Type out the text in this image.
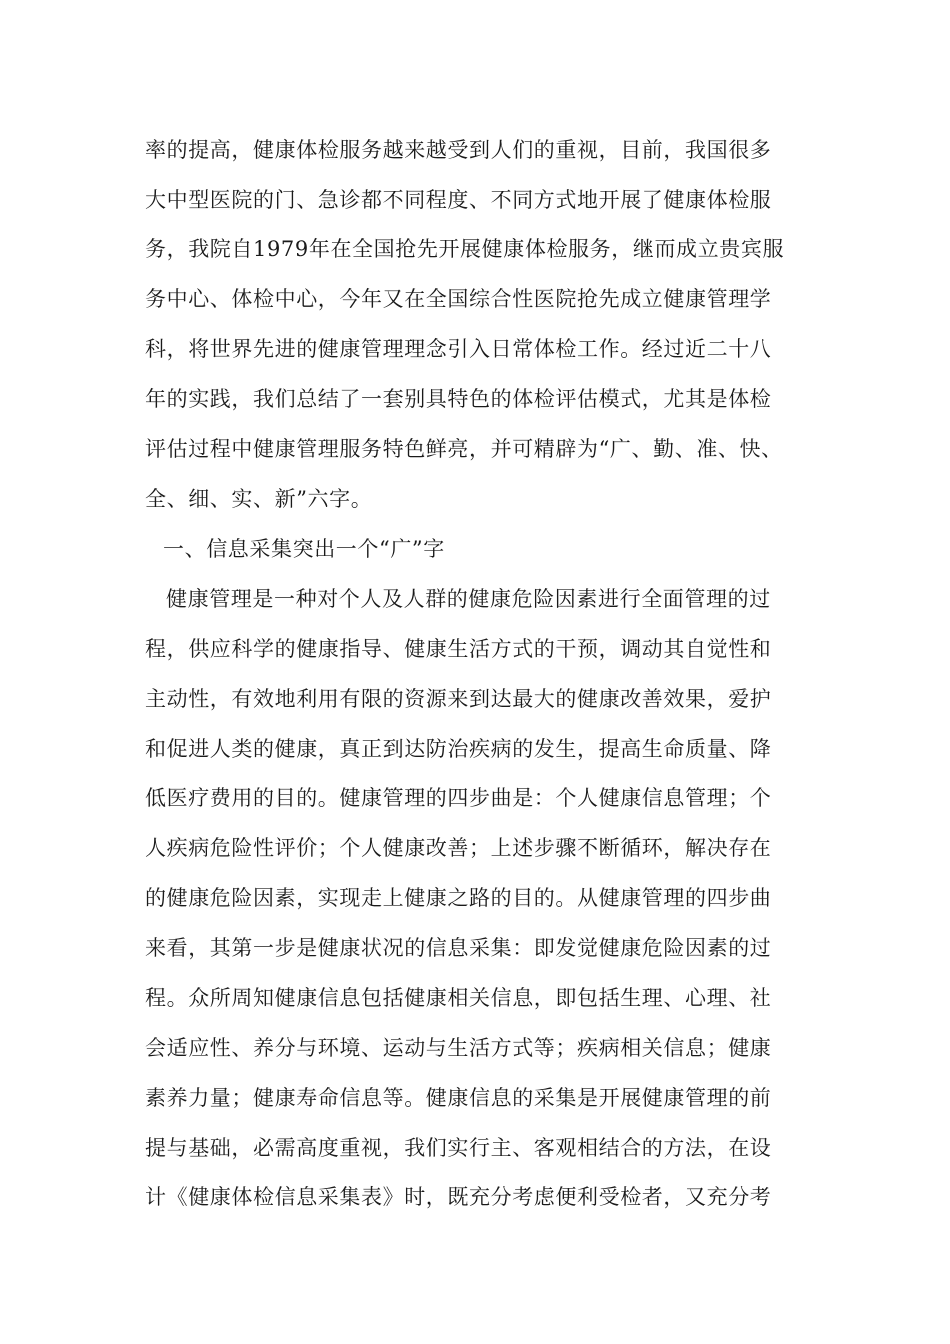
率的提高，健康体检服务越来越受到人们的重视，目前，我国很多
大中型医院的门、急诊都不同程度、不同方式地开展了健康体检服
务，我院自1979年在全国抢先开展健康体检服务，继而成立贵宾服
务中心、体检中心，今年又在全国综合性医院抢先成立健康管理学
科，将世界先进的健康管理理念引入日常体检工作。经过近二十八
年的实践，我们总结了一套别具特色的体检评估模式，尤其是体检
评估过程中健康管理服务特色鲜亮，并可精辟为“广、勤、准、快、
全、细、实、新”六字。
一、信息采集突出一个“广”字
健康管理是一种对个人及人群的健康危险因素进行全面管理的过
程，供应科学的健康指导、健康生活方式的干预，调动其自觉性和
主动性，有效地利用有限的资源来到达最大的健康改善效果，爱护
和促进人类的健康，真正到达防治疾病的发生，提高生命质量、降
低医疗费用的目的。健康管理的四步曲是：个人健康信息管理；个
人疾病危险性评价；个人健康改善；上述步骤不断循环，解决存在
的健康危险因素，实现走上健康之路的目的。从健康管理的四步曲
来看，其第一步是健康状况的信息采集：即发觉健康危险因素的过
程。众所周知健康信息包括健康相关信息，即包括生理、心理、社
会适应性、养分与环境、运动与生活方式等；疾病相关信息；健康
素养力量；健康寿命信息等。健康信息的采集是开展健康管理的前
提与基础，必需高度重视，我们实行主、客观相结合的方法，在设
计《健康体检信息采集表》时，既充分考虑便利受检者，又充分考
